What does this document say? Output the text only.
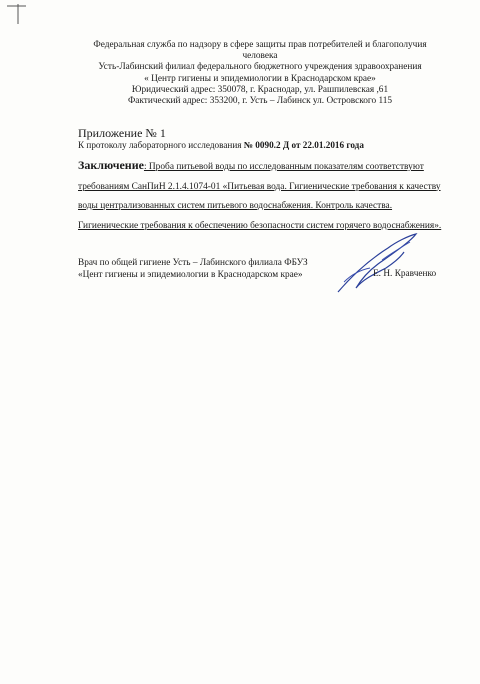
Федеральная служба по надзору в сфере защиты прав потребителей и благополучия
человека
Усть-Лабинский филиал федерального бюджетного учреждения здравоохранения
« Центр гигиены и эпидемиологии в Краснодарском крае»
Юридический адрес: 350078, г. Краснодар, ул. Рашпилевская ,61
Фактический адрес: 353200, г. Усть – Лабинск ул. Островского 115
Приложение № 1
К протоколу лабораторного исследования № 0090.2 Д от 22.01.2016 года
Заключение: Проба питьевой воды по исследованным показателям соответствуют
требованиям СанПиН 2.1.4.1074-01 «Питьевая вода. Гигиенические требования к качеству
воды централизованных систем питьевого водоснабжения. Контроль качества.
Гигиенические требования к обеспечению безопасности систем горячего водоснабжения».
Врач по общей гигиене Усть – Лабинского филиала ФБУЗ
«Цент гигиены и эпидемиологии в Краснодарском крае»	Е. Н. Кравченко
